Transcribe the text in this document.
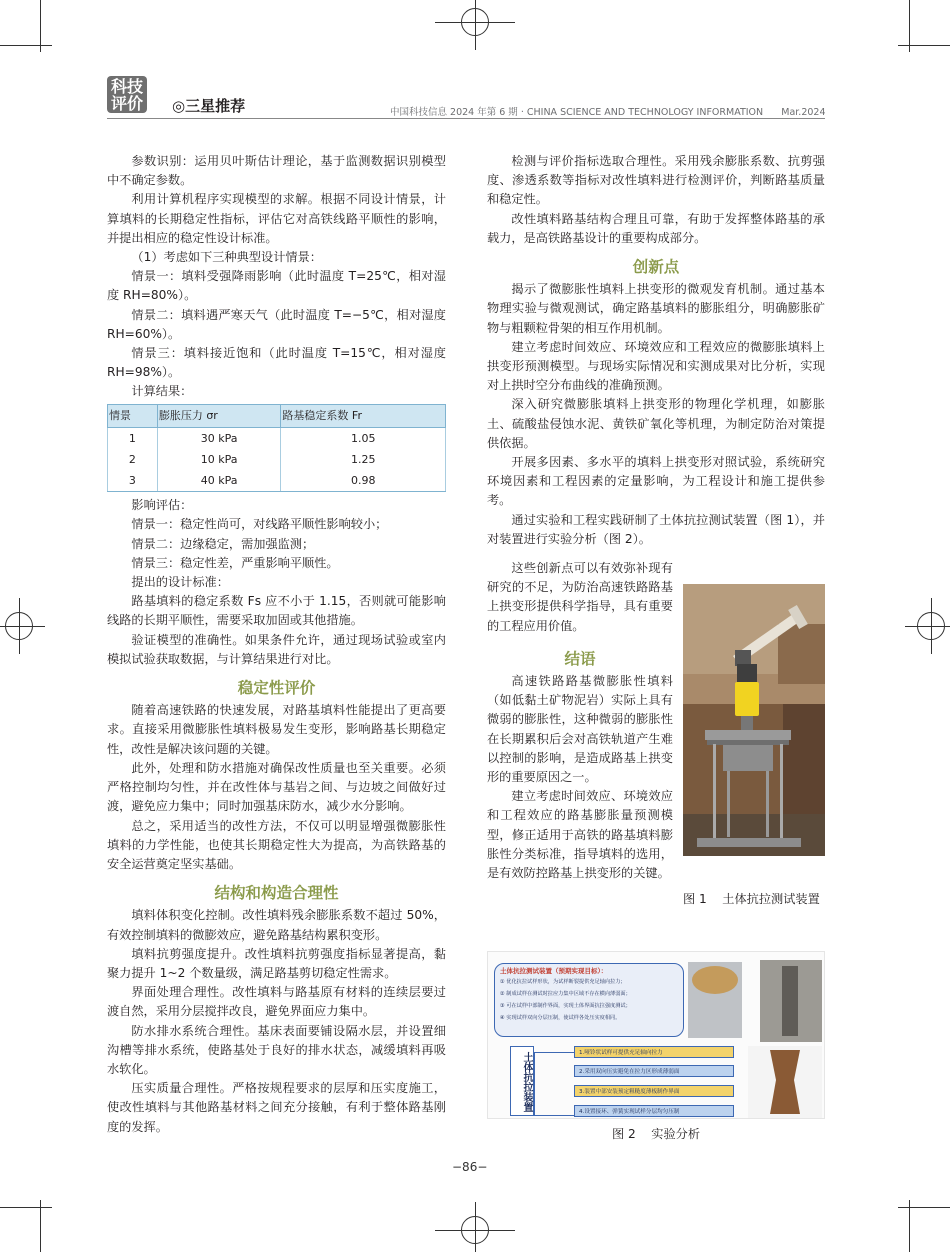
科技
评价 ◎三星推荐	中国科技信息 2024 年第 6 期 · CHINA SCIENCE AND TECHNOLOGY INFORMATION      Mar.2024

参数识别：运用贝叶斯估计理论，基于监测数据识别模型中不确定参数。

利用计算机程序实现模型的求解。根据不同设计情景，计算填料的长期稳定性指标，评估它对高铁线路平顺性的影响，并提出相应的稳定性设计标准。

（1）考虑如下三种典型设计情景：

情景一：填料受强降雨影响（此时温度 T=25℃，相对湿度 RH=80%）。

情景二：填料遇严寒天气（此时温度 T=−5℃，相对湿度 RH=60%）。

情景三：填料接近饱和（此时温度 T=15℃，相对湿度 RH=98%）。

计算结果：

情景	膨胀压力 σr	路基稳定系数 Fr
1	30 kPa	1.05
2	10 kPa	1.25
3	40 kPa	0.98

影响评估：

情景一：稳定性尚可，对线路平顺性影响较小；

情景二：边缘稳定，需加强监测；

情景三：稳定性差，严重影响平顺性。

提出的设计标准：

路基填料的稳定系数 Fs 应不小于 1.15，否则就可能影响线路的长期平顺性，需要采取加固或其他措施。

验证模型的准确性。如果条件允许，通过现场试验或室内模拟试验获取数据，与计算结果进行对比。

稳定性评价

随着高速铁路的快速发展，对路基填料性能提出了更高要求。直接采用微膨胀性填料极易发生变形，影响路基长期稳定性，改性是解决该问题的关键。

此外，处理和防水措施对确保改性质量也至关重要。必须严格控制均匀性，并在改性体与基岩之间、与边坡之间做好过渡，避免应力集中；同时加强基床防水，减少水分影响。

总之，采用适当的改性方法，不仅可以明显增强微膨胀性填料的力学性能，也使其长期稳定性大为提高，为高铁路基的安全运营奠定坚实基础。

结构和构造合理性

填料体积变化控制。改性填料残余膨胀系数不超过 50%，有效控制填料的微膨效应，避免路基结构累积变形。

填料抗剪强度提升。改性填料抗剪强度指标显著提高，黏聚力提升 1~2 个数量级，满足路基剪切稳定性需求。

界面处理合理性。改性填料与路基原有材料的连续层要过渡自然，采用分层搅拌改良，避免界面应力集中。

防水排水系统合理性。基床表面要铺设隔水层，并设置细沟槽等排水系统，使路基处于良好的排水状态，减缓填料再吸水软化。

压实质量合理性。严格按规程要求的层厚和压实度施工，使改性填料与其他路基材料之间充分接触，有利于整体路基刚度的发挥。

检测与评价指标选取合理性。采用残余膨胀系数、抗剪强度、渗透系数等指标对改性填料进行检测评价，判断路基质量和稳定性。

改性填料路基结构合理且可靠，有助于发挥整体路基的承载力，是高铁路基设计的重要构成部分。

创新点

揭示了微膨胀性填料上拱变形的微观发育机制。通过基本物理实验与微观测试，确定路基填料的膨胀组分，明确膨胀矿物与粗颗粒骨架的相互作用机制。

建立考虑时间效应、环境效应和工程效应的微膨胀填料上拱变形预测模型。与现场实际情况和实测成果对比分析，实现对上拱时空分布曲线的准确预测。

深入研究微膨胀填料上拱变形的物理化学机理，如膨胀土、硫酸盐侵蚀水泥、黄铁矿氧化等机理，为制定防治对策提供依据。

开展多因素、多水平的填料上拱变形对照试验，系统研究环境因素和工程因素的定量影响，为工程设计和施工提供参考。

通过实验和工程实践研制了土体抗拉测试装置（图 1），并对装置进行实验分析（图 2）。

这些创新点可以有效弥补现有研究的不足，为防治高速铁路路基上拱变形提供科学指导，具有重要的工程应用价值。

结语

高速铁路路基微膨胀性填料（如低黏土矿物泥岩）实际上具有微弱的膨胀性，这种微弱的膨胀性在长期累积后会对高铁轨道产生难以控制的影响，是造成路基上拱变形的重要原因之一。

建立考虑时间效应、环境效应和工程效应的路基膨胀量预测模型，修正适用于高铁的路基填料膨胀性分类标准，指导填料的选用，是有效防控路基上拱变形的关键。

图 1    土体抗拉测试装置
土体抗拉测试装置（预期实现目标）：
① 优化抗拉试样形状，为试样断裂提供充足轴向拉力；
② 制成试样在测试时拉应力集中区域不存在横向薄弱面；
③ 可在试样中部制作界面，实现土体界面抗拉强度测试；
④ 实现试样双向分层压制，使试样各处压实度相同。
土体抗拉装置	1.哑铃状试样可提供充足轴向拉力
2.采用双向压实避免在拉力区形成薄弱面
3.装置中部安装预定粗糙度薄板制作界面
4.设置接环、弹簧实现试样分层均匀压制
图 2    实验分析
−86−
